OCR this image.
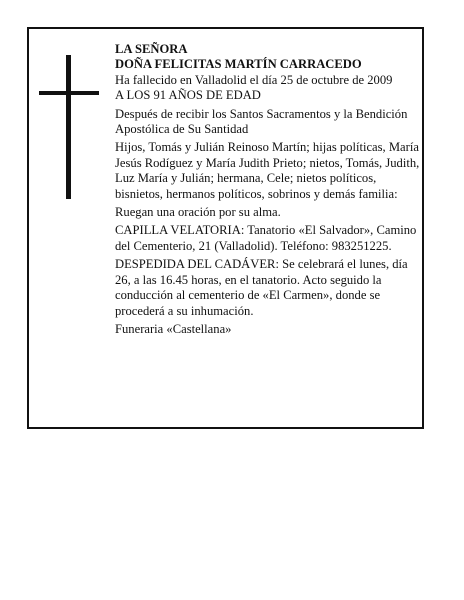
LA SEÑORA

DOÑA FELICITAS MARTÍN CARRACEDO

Ha fallecido en Valladolid el día 25 de octubre de 2009

A LOS 91 AÑOS DE EDAD

Después de recibir los Santos Sacramentos y la Bendición Apostólica de Su Santidad

Hijos, Tomás y Julián Reinoso Martín; hijas políticas, María Jesús Rodíguez y María Judith Prieto; nietos, Tomás, Judith, Luz María y Julián; hermana, Cele; nietos políticos, bisnietos, hermanos políticos, sobrinos y demás familia:

Ruegan una oración por su alma.

CAPILLA VELATORIA: Tanatorio «El Salvador», Camino del Cementerio, 21 (Valladolid). Teléfono: 983251225.

DESPEDIDA DEL CADÁVER: Se celebrará el lunes, día 26, a las 16.45 horas, en el tanatorio. Acto seguido la conducción al cementerio de «El Carmen», donde se procederá a su inhumación.

Funeraria «Castellana»
